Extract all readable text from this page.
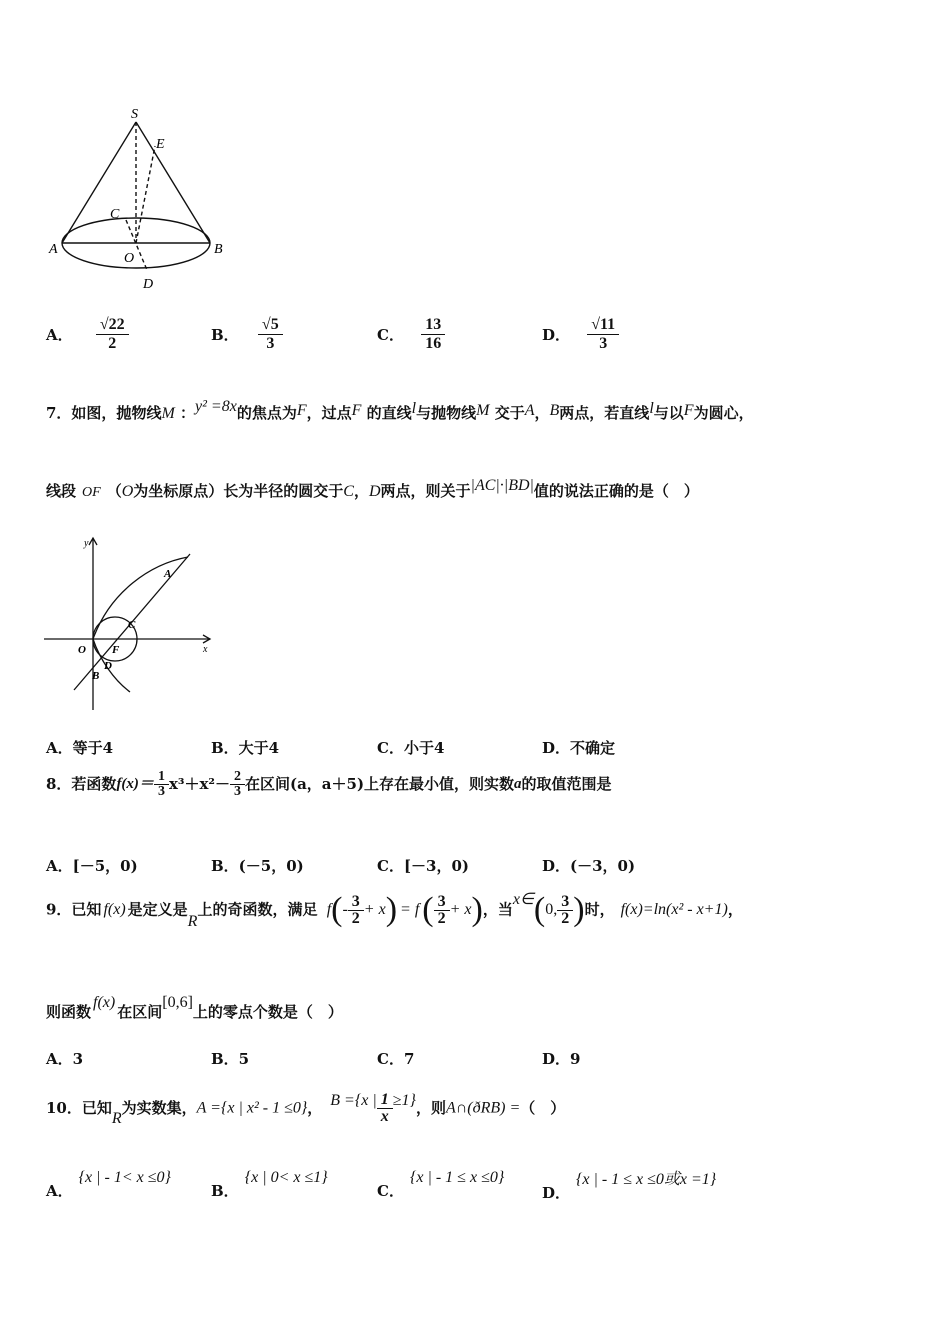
S
E
C
A
O
B
D
A． $\frac{√22}{2}$	B． $\frac{√5}{3}$	C． $\frac{13}{16}$	D． $\frac{√11}{3}$
7．如图，抛物线M ：y² =8x的焦点为F，过点F 的直线l与抛物线M 交于A，B两点，若直线l与以F为圆心，
线段 OF （O为坐标原点）长为半径的圆交于C，D两点，则关于|AC|·|BD|值的说法正确的是（　）
y
x
O F
A
C
D
B
A．等于4	B．大于4	C．小于4	D．不确定
8．若函数$f(x)= \frac{1}{3} x^3+x^2- \frac{2}{3}$ 在区间(a，a＋5)上存在最小值，则实数a的取值范围是
A．[－5，0)	B．(－5，0)	C．[－3，0)	D．(－3，0)
9．已知 f(x) 是定义是R上的奇函数，满足 $f(- \frac{3}{2} + x) = f( \frac{3}{2} + x)$，当x∈(0, $\frac{3}{2}$ )时， f(x)=ln(x² - x+1)，
则函数f(x)在区间[0,6]上的零点个数是（　）
A．3	B．5	C．7	D．9
10．已知R为实数集，A ={x | x² - 1 ≤0}， B ={x | $\frac{1}{x} \ge 1$}，则A∩(ðRB) =（　）
A．{x | - 1< x ≤0}
B．{x | 0< x ≤1}
C．{x | - 1 ≤ x ≤0}
D．{x | - 1 ≤ x ≤0或x =1}
